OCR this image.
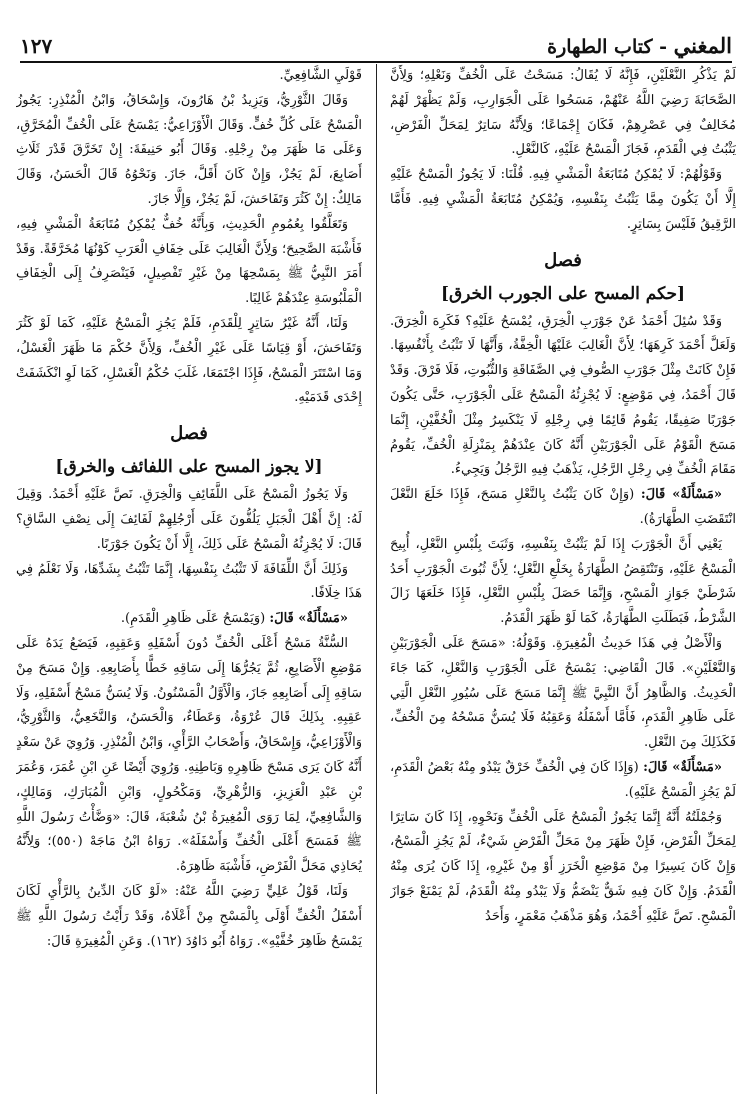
المغني - كتاب الطهارة
١٢٧

لَمْ يَذْكُرِ النَّعْلَيْنِ، فَإِنَّهُ لَا يُقَالُ: مَسَحْتُ عَلَى الْخُفِّ وَنَعْلِهِ؛ وَلِأَنَّ الصَّحَابَةَ رَضِيَ اللَّهُ عَنْهُمْ، مَسَحُوا عَلَى الْجَوَارِبِ، وَلَمْ يَظْهَرْ لَهُمْ مُخَالِفٌ فِي عَصْرِهِمْ، فَكَانَ إِجْمَاعًا؛ وَلِأَنَّهُ سَاتِرٌ لِمَحَلِّ الْفَرْضِ، يَثْبُتُ فِي الْقَدَمِ، فَجَازَ الْمَسْحُ عَلَيْهِ، كَالنَّعْلِ.

وَقَوْلُهُمْ: لَا يُمْكِنُ مُتَابَعَةُ الْمَشْيِ فِيهِ. قُلْنَا: لَا يَجُوزُ الْمَسْحُ عَلَيْهِ إِلَّا أَنْ يَكُونَ مِمَّا يَثْبُتُ بِنَفْسِهِ، وَيُمْكِنُ مُتَابَعَةُ الْمَشْيِ فِيهِ. فَأَمَّا الرَّقِيقُ فَلَيْسَ بِسَاتِرٍ.

فصل
[حكم المسح على الجورب الخرق]

وَقَدْ سُئِلَ أَحْمَدُ عَنْ جَوْرَبِ الْخِرَقِ، يُمْسَحُ عَلَيْهِ؟ فَكَرِهَ الْخِرَقَ. وَلَعَلَّ أَحْمَدَ كَرِهَهَا؛ لِأَنَّ الْغَالِبَ عَلَيْهَا الْخِفَّةُ، وَأَنَّهَا لَا تَثْبُتُ بِأَنْفُسِهَا. فَإِنْ كَانَتْ مِثْلَ جَوْرَبِ الصُّوفِ فِي الصَّفَاقَةِ وَالثُّبُوتِ، فَلَا فَرْقَ. وَقَدْ قَالَ أَحْمَدُ، فِي مَوْضِعٍ: لَا يُجْزِئُهُ الْمَسْحُ عَلَى الْجَوْرَبِ، حَتَّى يَكُونَ جَوْرَبًا صَفِيقًا، يَقُومُ قَائِمًا فِي رِجْلِهِ لَا يَنْكَسِرُ مِثْلَ الْخُفَّيْنِ، إِنَّمَا مَسَحَ الْقَوْمُ عَلَى الْجَوْرَبَيْنِ أَنَّهُ كَانَ عِنْدَهُمْ بِمَنْزِلَةِ الْخُفِّ، يَقُومُ مَقَامَ الْخُفِّ فِي رِجْلِ الرَّجُلِ، يَذْهَبُ فِيهِ الرَّجُلُ وَيَجِيءُ.

«مَسْأَلَةٌ» قَالَ: (وَإِنْ كَانَ يَثْبُتُ بِالنَّعْلِ مَسَحَ، فَإِذَا خَلَعَ النَّعْلَ انْتَقَضَتِ الطَّهَارَةُ).

يَعْنِي أَنَّ الْجَوْرَبَ إِذَا لَمْ يَثْبُتْ بِنَفْسِهِ، وَثَبَتَ بِلُبْسِ النَّعْلِ، أُبِيحَ الْمَسْحُ عَلَيْهِ، وَتَنْتَقِضُ الطَّهَارَةُ بِخَلْعِ النَّعْلِ؛ لِأَنَّ ثُبُوتَ الْجَوْرَبِ أَحَدُ شَرْطَيْ جَوَازِ الْمَسْحِ، وَإِنَّمَا حَصَلَ بِلُبْسِ النَّعْلِ، فَإِذَا خَلَعَهَا زَالَ الشَّرْطُ، فَبَطَلَتِ الطَّهَارَةُ، كَمَا لَوْ ظَهَرَ الْقَدَمُ.

وَالْأَصْلُ فِي هَذَا حَدِيثُ الْمُغِيرَةِ. وَقَوْلُهُ: «مَسَحَ عَلَى الْجَوْرَبَيْنِ وَالنَّعْلَيْنِ». قَالَ الْقَاضِي: يَمْسَحُ عَلَى الْجَوْرَبِ وَالنَّعْلِ، كَمَا جَاءَ الْحَدِيثُ. وَالظَّاهِرُ أَنَّ النَّبِيَّ ﷺ إِنَّمَا مَسَحَ عَلَى سُيُورِ النَّعْلِ الَّتِي عَلَى ظَاهِرِ الْقَدَمِ، فَأَمَّا أَسْفَلُهُ وَعَقِبُهُ فَلَا يُسَنُّ مَسْحُهُ مِنَ الْخُفِّ، فَكَذَلِكَ مِنَ النَّعْلِ.

«مَسْأَلَةٌ» قَالَ: (وَإِذَا كَانَ فِي الْخُفِّ خَرْقٌ يَبْدُو مِنْهُ بَعْضُ الْقَدَمِ، لَمْ يَجُزِ الْمَسْحُ عَلَيْهِ).

وَجُمْلَتُهُ أَنَّهُ إِنَّمَا يَجُوزُ الْمَسْحُ عَلَى الْخُفِّ وَنَحْوِهِ، إِذَا كَانَ سَاتِرًا لِمَحَلِّ الْفَرْضِ، فَإِنْ ظَهَرَ مِنْ مَحَلِّ الْفَرْضِ شَيْءٌ، لَمْ يَجُزِ الْمَسْحُ، وَإِنْ كَانَ يَسِيرًا مِنْ مَوْضِعِ الْخَرَزِ أَوْ مِنْ غَيْرِهِ، إِذَا كَانَ يُرَى مِنْهُ الْقَدَمُ. وَإِنْ كَانَ فِيهِ شَقٌّ يَنْضَمُّ وَلَا يَبْدُو مِنْهُ الْقَدَمُ، لَمْ يَمْنَعْ جَوَازَ الْمَسْحِ. نَصَّ عَلَيْهِ أَحْمَدُ، وَهُوَ مَذْهَبُ مَعْمَرٍ، وَأَحَدُ

قَوْلَيِ الشَّافِعِيِّ.

وَقَالَ الثَّوْرِيُّ، وَيَزِيدُ بْنُ هَارُونَ، وَإِسْحَاقُ، وَابْنُ الْمُنْذِرِ: يَجُوزُ الْمَسْحُ عَلَى كُلِّ خُفٍّ. وَقَالَ الْأَوْزَاعِيُّ: يَمْسَحُ عَلَى الْخُفِّ الْمُخَرَّقِ، وَعَلَى مَا ظَهَرَ مِنْ رِجْلِهِ. وَقَالَ أَبُو حَنِيفَةَ: إِنْ تَخَرَّقَ قَدْرَ ثَلَاثِ أَصَابِعَ، لَمْ يَجُزْ، وَإِنْ كَانَ أَقَلَّ، جَازَ. وَنَحْوُهُ قَالَ الْحَسَنُ، وَقَالَ مَالِكٌ: إِنْ كَثُرَ وَتَفَاحَشَ، لَمْ يَجُزْ، وَإِلَّا جَازَ.

وَتَعَلَّقُوا بِعُمُومِ الْحَدِيثِ، وَبِأَنَّهُ خُفٌّ يُمْكِنُ مُتَابَعَةُ الْمَشْيِ فِيهِ، فَأَشْبَهَ الصَّحِيحَ؛ وَلِأَنَّ الْغَالِبَ عَلَى خِفَافِ الْعَرَبِ كَوْنُهَا مُخَرَّقَةً. وَقَدْ أَمَرَ النَّبِيُّ ﷺ بِمَسْحِهَا مِنْ غَيْرِ تَفْصِيلٍ، فَيَنْصَرِفُ إِلَى الْخِفَافِ الْمَلْبُوسَةِ عِنْدَهُمْ غَالِبًا.

وَلَنَا، أَنَّهُ غَيْرُ سَاتِرٍ لِلْقَدَمِ، فَلَمْ يَجُزِ الْمَسْحُ عَلَيْهِ، كَمَا لَوْ كَثُرَ وَتَفَاحَشَ، أَوْ قِيَاسًا عَلَى غَيْرِ الْخُفِّ، وَلِأَنَّ حُكْمَ مَا ظَهَرَ الْغَسْلُ، وَمَا اسْتَتَرَ الْمَسْحُ، فَإِذَا اجْتَمَعَا، غَلَبَ حُكْمُ الْغَسْلِ، كَمَا لَوِ انْكَشَفَتْ إِحْدَى قَدَمَيْهِ.

فصل
[لا يجوز المسح على اللفائف والخرق]

وَلَا يَجُوزُ الْمَسْحُ عَلَى اللَّفَائِفِ وَالْخِرَقِ. نَصَّ عَلَيْهِ أَحْمَدُ. وَقِيلَ لَهُ: إِنَّ أَهْلَ الْجَبَلِ يَلُفُّونَ عَلَى أَرْجُلِهِمْ لَفَائِفَ إِلَى نِصْفِ السَّاقِ؟ قَالَ: لَا يُجْزِئُهُ الْمَسْحُ عَلَى ذَلِكَ، إِلَّا أَنْ يَكُونَ جَوْرَبًا.

وَذَلِكَ أَنَّ اللِّفَافَةَ لَا تَثْبُتُ بِنَفْسِهَا، إِنَّمَا تَثْبُتُ بِشَدِّهَا، وَلَا نَعْلَمُ فِي هَذَا خِلَافًا.

«مَسْأَلَةٌ» قَالَ: (وَيَمْسَحُ عَلَى ظَاهِرِ الْقَدَمِ).

السُّنَّةُ مَسْحُ أَعْلَى الْخُفِّ دُونَ أَسْفَلِهِ وَعَقِبِهِ، فَيَضَعُ يَدَهُ عَلَى مَوْضِعِ الْأَصَابِعِ، ثُمَّ يَجُرُّهَا إِلَى سَاقِهِ خَطًّا بِأَصَابِعِهِ. وَإِنْ مَسَحَ مِنْ سَاقِهِ إِلَى أَصَابِعِهِ جَازَ، وَالْأَوَّلُ الْمَسْنُونُ. وَلَا يُسَنُّ مَسْحُ أَسْفَلِهِ، وَلَا عَقِبِهِ. بِذَلِكَ قَالَ عُرْوَةُ، وَعَطَاءٌ، وَالْحَسَنُ، وَالنَّخَعِيُّ، وَالثَّوْرِيُّ، وَالْأَوْزَاعِيُّ، وَإِسْحَاقُ، وَأَصْحَابُ الرَّأْيِ، وَابْنُ الْمُنْذِرِ. وَرُوِيَ عَنْ سَعْدٍ أَنَّهُ كَانَ يَرَى مَسْحَ ظَاهِرِهِ وَبَاطِنِهِ. وَرُوِيَ أَيْضًا عَنِ ابْنِ عُمَرَ، وَعُمَرَ بْنِ عَبْدِ الْعَزِيزِ، وَالزُّهْرِيِّ، وَمَكْحُولٍ، وَابْنِ الْمُبَارَكِ، وَمَالِكٍ، وَالشَّافِعِيِّ، لِمَا رَوَى الْمُغِيرَةُ بْنُ شُعْبَةَ، قَالَ: «وَضَّأْتُ رَسُولَ اللَّهِ ﷺ فَمَسَحَ أَعْلَى الْخُفِّ وَأَسْفَلَهُ». رَوَاهُ ابْنُ مَاجَهْ (٥٥٠)؛ وَلِأَنَّهُ يُحَاذِي مَحَلَّ الْفَرْضِ، فَأَشْبَهَ ظَاهِرَهُ.

وَلَنَا، قَوْلُ عَلِيٍّ رَضِيَ اللَّهُ عَنْهُ: «لَوْ كَانَ الدِّينُ بِالرَّأْيِ لَكَانَ أَسْفَلُ الْخُفِّ أَوْلَى بِالْمَسْحِ مِنْ أَعْلَاهُ، وَقَدْ رَأَيْتُ رَسُولَ اللَّهِ ﷺ يَمْسَحُ ظَاهِرَ خُفَّيْهِ». رَوَاهُ أَبُو دَاوُدَ (١٦٢). وَعَنِ الْمُغِيرَةِ قَالَ:
